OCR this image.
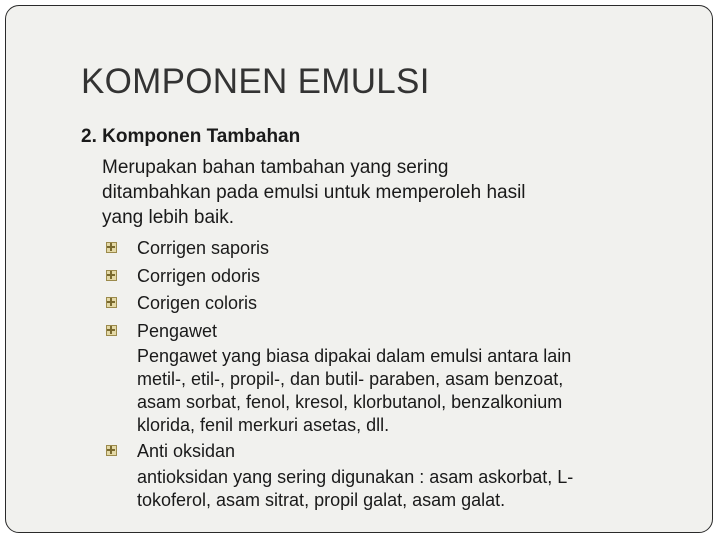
KOMPONEN EMULSI
2. Komponen Tambahan
Merupakan bahan tambahan yang sering
ditambahkan pada emulsi untuk memperoleh hasil
yang lebih baik.
Corrigen saporis
Corrigen odoris
Corigen coloris
Pengawet
Pengawet yang biasa dipakai dalam emulsi antara lain
metil-, etil-, propil-, dan butil- paraben, asam benzoat,
asam sorbat, fenol, kresol, klorbutanol, benzalkonium
klorida, fenil merkuri asetas, dll.
Anti oksidan
antioksidan yang sering digunakan : asam askorbat, L-
tokoferol, asam sitrat, propil galat, asam galat.
